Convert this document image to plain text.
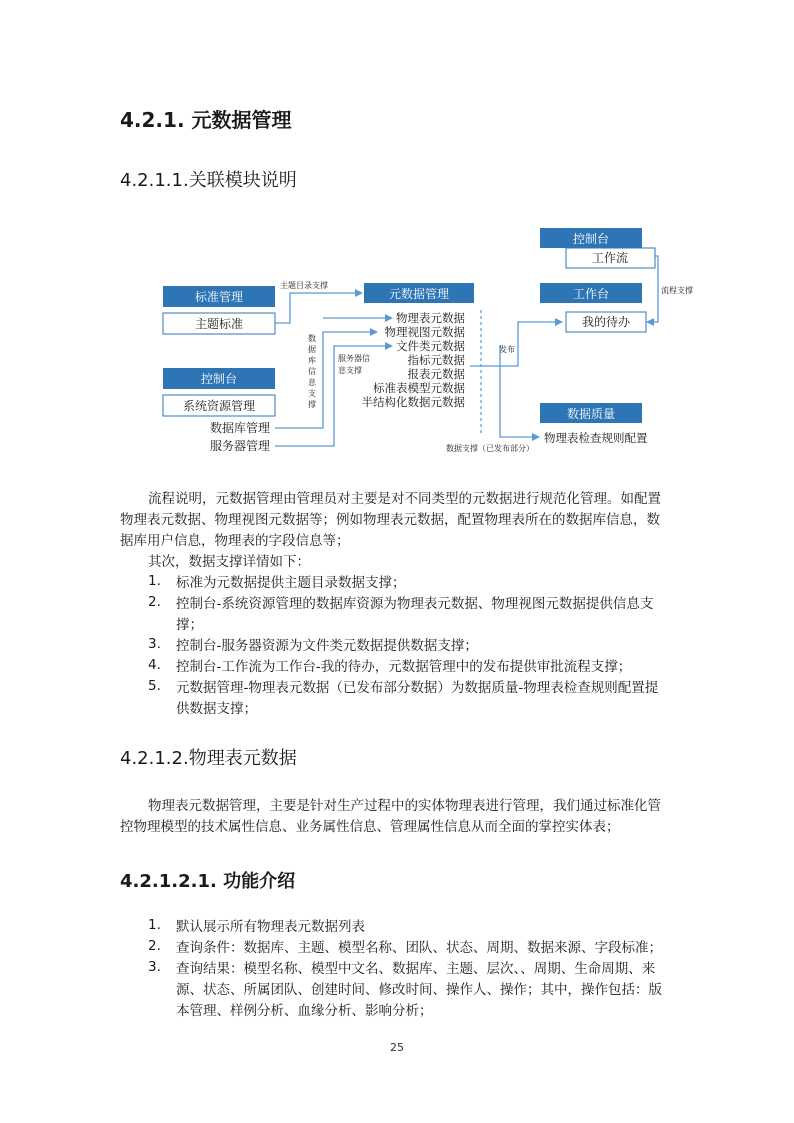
4.2.1. 元数据管理
4.2.1.1.关联模块说明
标准管理
主题标准
控制台
系统资源管理
数据库管理
服务器管理
主题目录支撑
数
据
库
信
息
支
撑
服务器信
息支撑
元数据管理
物理表元数据
物理视图元数据
文件类元数据
指标元数据
报表元数据
标准表模型元数据
半结构化数据元数据
控制台
工作流
流程支撑
工作台
我的待办
发布
数据质量
物理表检查规则配置
数据支撑（已发布部分）
流程说明，元数据管理由管理员对主要是对不同类型的元数据进行规范化管理。如配置
物理表元数据、物理视图元数据等；例如物理表元数据，配置物理表所在的数据库信息，数
据库用户信息，物理表的字段信息等；
其次，数据支撑详情如下：
1. 标准为元数据提供主题目录数据支撑；
2. 控制台-系统资源管理的数据库资源为物理表元数据、物理视图元数据提供信息支
撑；
3. 控制台-服务器资源为文件类元数据提供数据支撑；
4. 控制台-工作流为工作台-我的待办，元数据管理中的发布提供审批流程支撑；
5. 元数据管理-物理表元数据（已发布部分数据）为数据质量-物理表检查规则配置提
供数据支撑；
4.2.1.2.物理表元数据
物理表元数据管理，主要是针对生产过程中的实体物理表进行管理，我们通过标准化管
控物理模型的技术属性信息、业务属性信息、管理属性信息从而全面的掌控实体表；
4.2.1.2.1. 功能介绍
1. 默认展示所有物理表元数据列表
2. 查询条件：数据库、主题、模型名称、团队、状态、周期、数据来源、字段标准；
3. 查询结果：模型名称、模型中文名、数据库、主题、层次、、周期、生命周期、来
源、状态、所属团队、创建时间、修改时间、操作人、操作；其中，操作包括：版
本管理、样例分析、血缘分析、影响分析；
25
